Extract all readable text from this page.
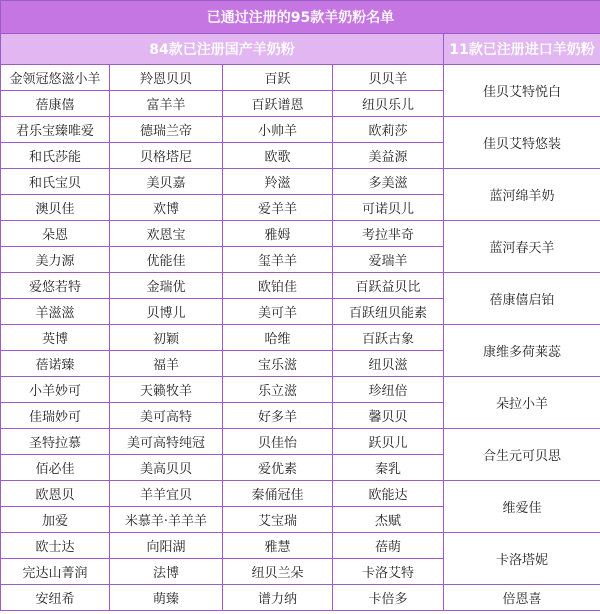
已通过注册的95款羊奶粉名单				
84款已注册国产羊奶粉				11款已注册进口羊奶粉
金领冠悠滋小羊	羚恩贝贝	百跃	贝贝羊	佳贝艾特悦白
蓓康僖	富羊羊	百跃谱恩	纽贝乐儿	
君乐宝臻唯爱	德瑞兰帝	小帅羊	欧莉莎	佳贝艾特悠装
和氏莎能	贝格塔尼	欧歌	美益源	
和氏宝贝	美贝嘉	羚滋	多美滋	蓝河绵羊奶
澳贝佳	欢博	爱羊羊	可诺贝儿	
朵恩	欢恩宝	雅姆	考拉芈奇	蓝河春天羊
美力源	优能佳	玺羊羊	爱瑞羊	
爱悠若特	金瑞优	欧铂佳	百跃益贝比	蓓康僖启铂
羊滋滋	贝博儿	美可羊	百跃纽贝能素	
英博	初颖	哈维	百跃古象	康维多荷莱蕊
蓓诺臻	福羊	宝乐滋	纽贝滋	
小羊妙可	天籁牧羊	乐立滋	珍纽倍	朵拉小羊
佳瑞妙可	美可高特	好多羊	馨贝贝	
圣特拉慕	美可高特纯冠	贝佳怡	跃贝儿	合生元可贝思
佰必佳	美高贝贝	爱优素	秦乳	
欧恩贝	羊羊宜贝	秦俑冠佳	欧能达	维爱佳
加爱	米慕羊·羊羊羊	艾宝瑞	杰赋	
欧士达	向阳湖	雅慧	蓓萌	卡洛塔妮
完达山菁润	法博	纽贝兰朵	卡洛艾特	
安纽希	萌臻	谱力纳	卡倍多	倍恩喜
